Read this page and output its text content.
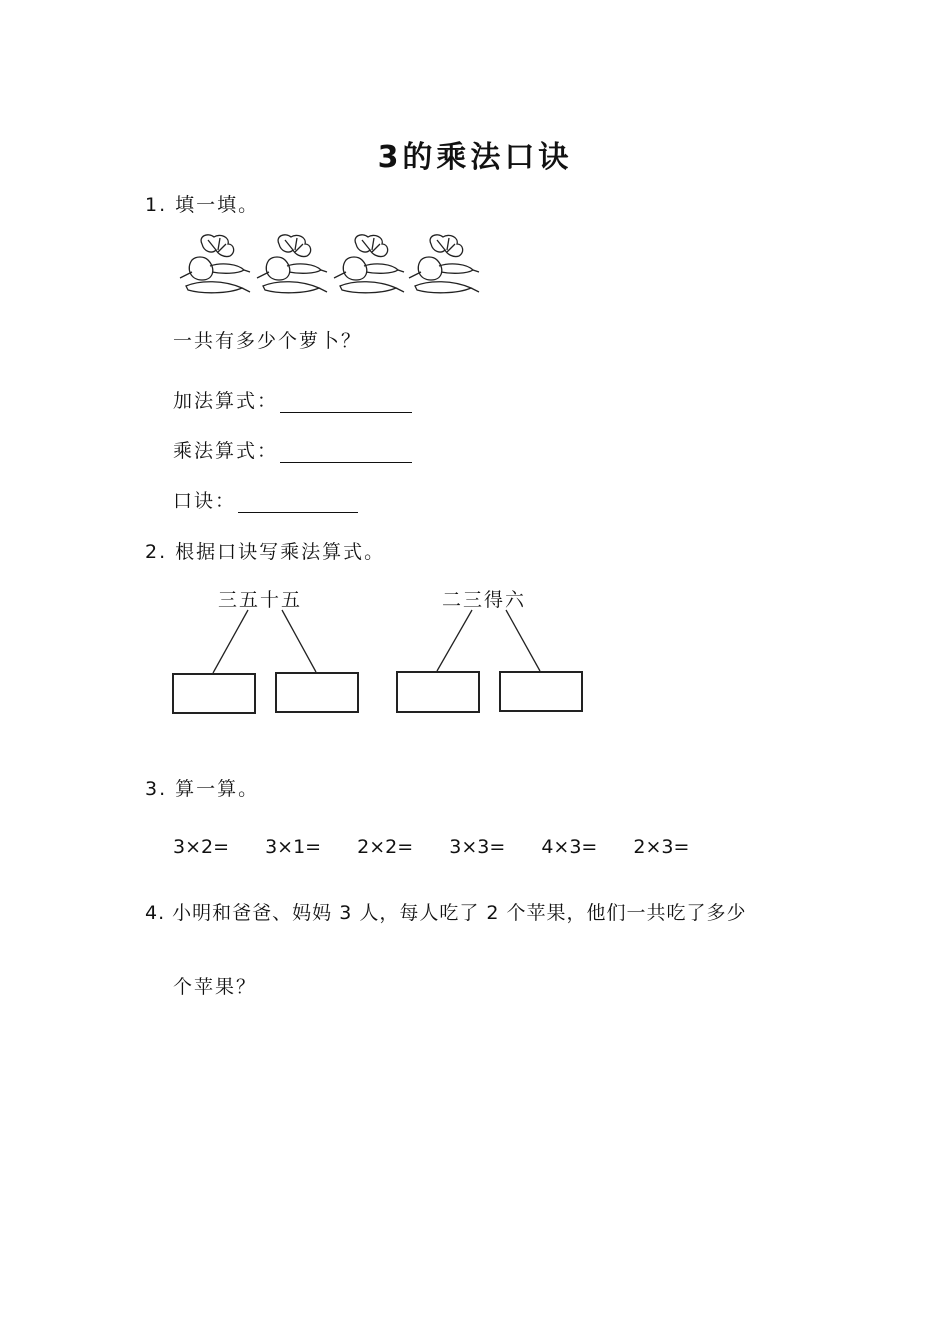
3的乘法口诀
1. 填一填。
一共有多少个萝卜？
加法算式：
乘法算式：
口诀：
2. 根据口诀写乘法算式。
三五十五	二三得六
3. 算一算。
3×2= 3×1= 2×2= 3×3= 4×3= 2×3=
4. 小明和爸爸、妈妈 3 人，每人吃了 2 个苹果，他们一共吃了多少
个苹果？
